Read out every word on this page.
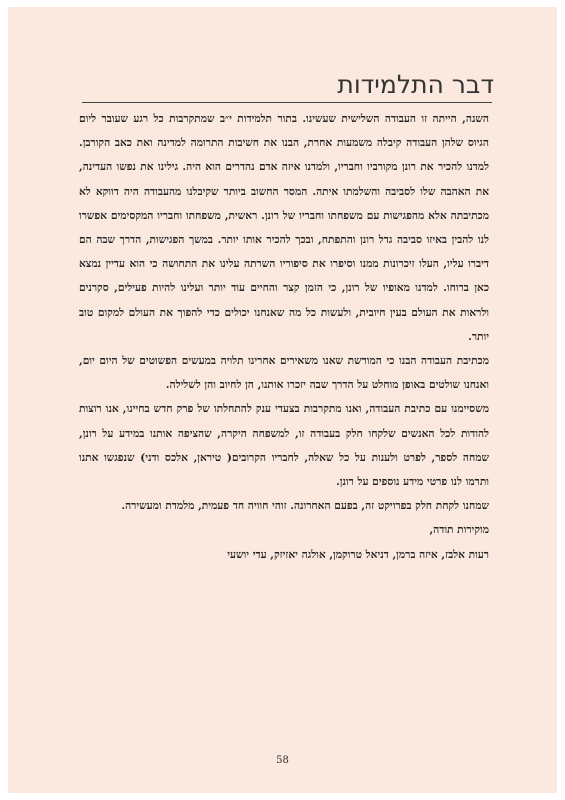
דבר התלמידות

השנה, הייתה זו העבודה השלישית שעשינו. בתור תלמידות י״ב שמתקרבות כל רגע שעובר ליום הגיוס שלהן העבודה קיבלה משמעות אחרת, הבנו את חשיבות התרומה למדינה ואת כאב הקורבן. למדנו להכיר את רונן מקורביו וחבריו, ולמדנו איזה אדם נהדרים הוא היה. גילינו את נפשו העדינה, את האהבה שלו לסביבה והשלמתו איתה. המסר החשוב ביותר שקיבלנו מהעבודה היה דווקא לא מכתיבתה אלא מהפגישות עם משפחתו וחבריו של רונן. ראשית, משפחתו וחבריו המקסימים אפשרו לנו להבין באיזו סביבה גדל רונן והתפתח, ובכך להכיר אותו יותר. במשך הפגישות, הדרך שבה הם דיברו עליו, העלו זיכרונות ממנו וסיפרו את סיפוריו השרתה עלינו את התחושה כי הוא עדיין נמצא כאן ברוחו. למדנו מאופיו של רונן, כי הזמן קצר והחיים עוד יותר ועלינו להיות פעילים, סקרנים ולראות את העולם בעין חיובית, ולעשות כל מה שאנחנו יכולים כדי להפוך את העולם למקום טוב יותר.

מכתיבת העבודה הבנו כי המורשת שאנו משאירים אחרינו תלויה במעשים הפשוטים של היום יום, ואנחנו שולטים באופן מוחלט על הדרך שבה יזכרו אותנו, הן לחיוב והן לשלילה.

משסיימנו עם כתיבת העבודה, ואנו מתקרבות בצעדי ענק להתחלתו של פרק חדש בחיינו, אנו רוצות להודות לכל האנשים שלקחו חלק בעבודה זו, למשפחה היקרה, שהציפה אותנו במידע על רונן, שמחה לספר, לפרט ולענות על כל שאלה, לחבריו הקרובים( טיראן, אלכס ודני) שנפגשו אתנו ותרמו לנו פרטי מידע נוספים על רונן.

שמחנו לקחת חלק בפרויקט זה, בפעם האחרונה. זוהי חוויה חד פעמית, מלמדת ומעשירה.

מוקירות תודה,

רעות אלבז, איזה ברמן, דניאל טרוקמן, אולגה יאזיזק, עדי יושעי

58
